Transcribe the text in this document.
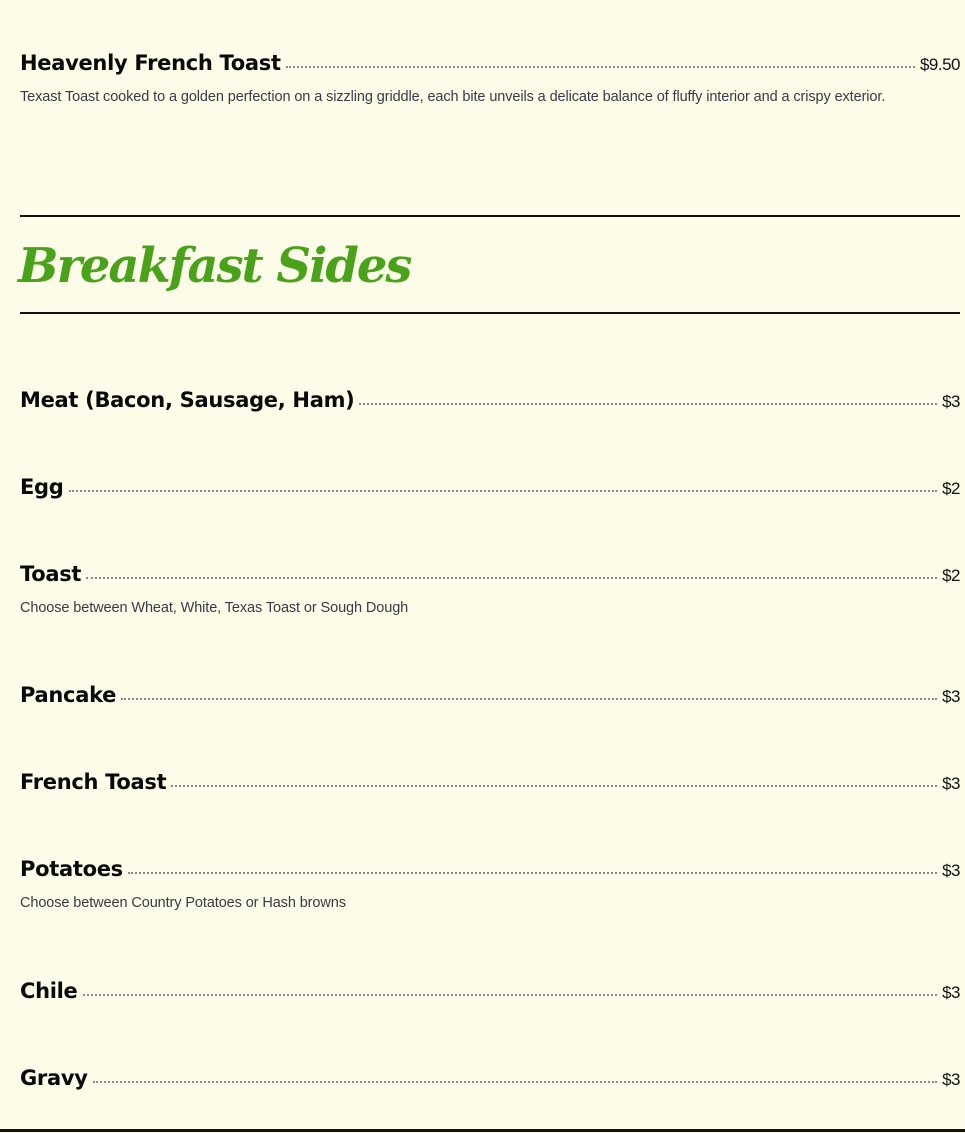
Heavenly French Toast	$9.50
Texast Toast cooked to a golden perfection on a sizzling griddle, each bite unveils a delicate balance of fluffy interior and a crispy exterior.
Breakfast Sides
Meat (Bacon, Sausage, Ham)	$3
Egg	$2
Toast	$2
Choose between Wheat, White, Texas Toast or Sough Dough
Pancake	$3
French Toast	$3
Potatoes	$3
Choose between Country Potatoes or Hash browns
Chile	$3
Gravy	$3
